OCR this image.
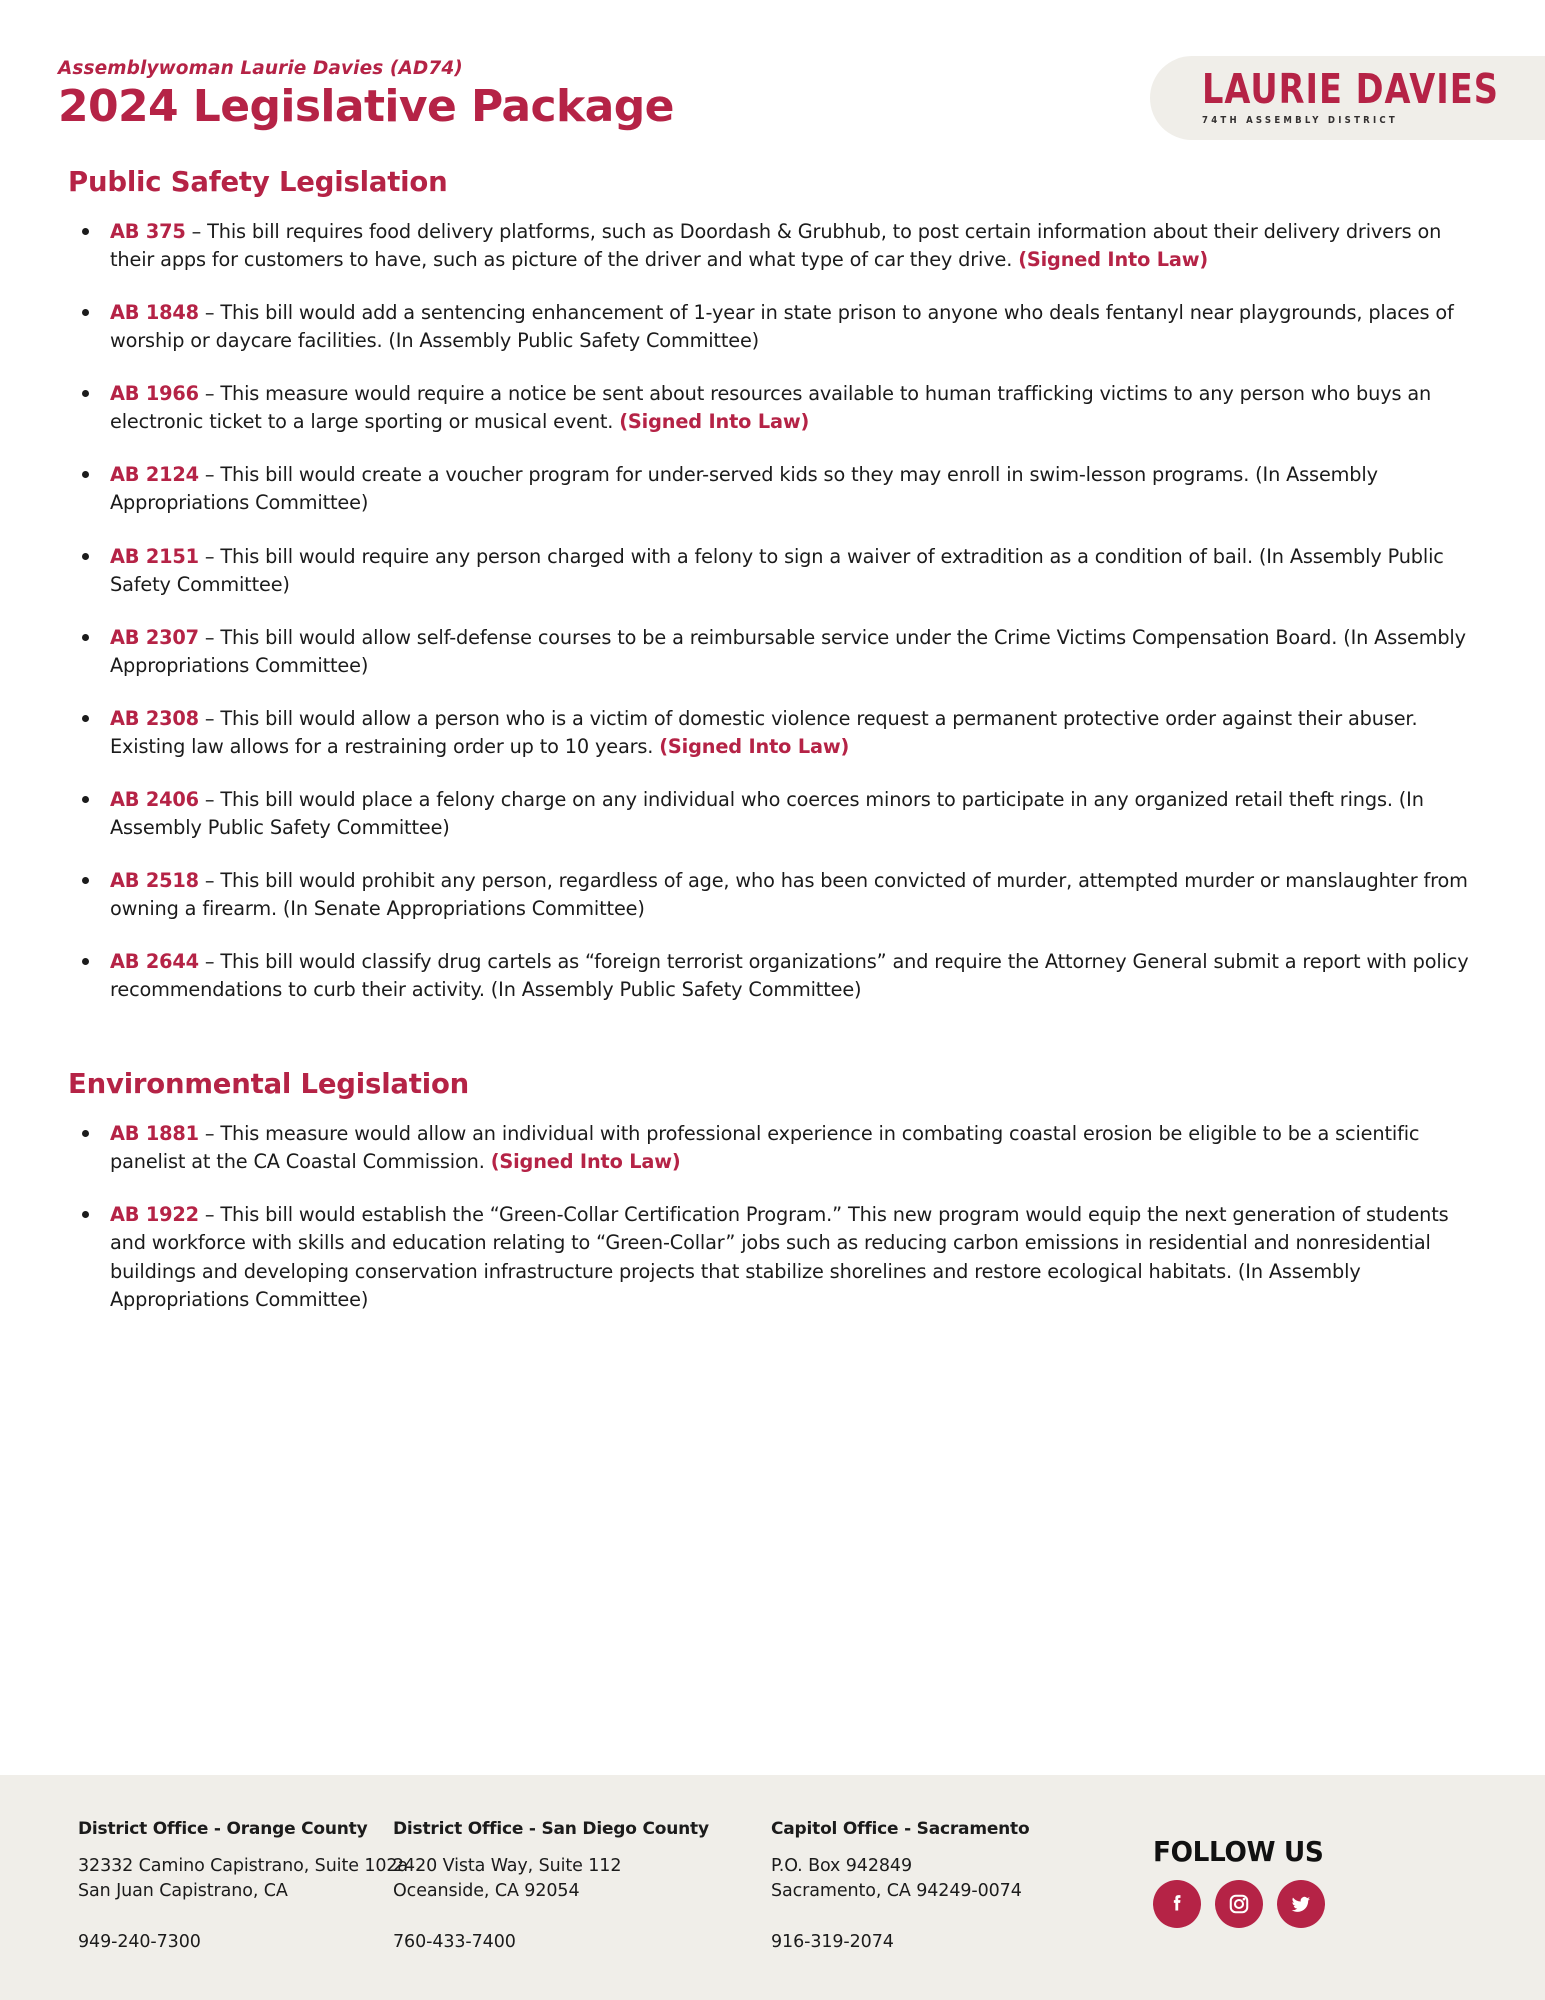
Assemblywoman Laurie Davies (AD74)
2024 Legislative Package	LAURIE DAVIES
74TH ASSEMBLY DISTRICT
Public Safety Legislation
AB 375 – This bill requires food delivery platforms, such as Doordash & Grubhub, to post certain information about their delivery drivers on their apps for customers to have, such as picture of the driver and what type of car they drive. (Signed Into Law)
AB 1848 – This bill would add a sentencing enhancement of 1-year in state prison to anyone who deals fentanyl near playgrounds, places of worship or daycare facilities. (In Assembly Public Safety Committee)
AB 1966 – This measure would require a notice be sent about resources available to human trafficking victims to any person who buys an electronic ticket to a large sporting or musical event. (Signed Into Law)
AB 2124 – This bill would create a voucher program for under-served kids so they may enroll in swim-lesson programs. (In Assembly Appropriations Committee)
AB 2151 – This bill would require any person charged with a felony to sign a waiver of extradition as a condition of bail. (In Assembly Public Safety Committee)
AB 2307 – This bill would allow self-defense courses to be a reimbursable service under the Crime Victims Compensation Board. (In Assembly Appropriations Committee)
AB 2308 – This bill would allow a person who is a victim of domestic violence request a permanent protective order against their abuser. Existing law allows for a restraining order up to 10 years. (Signed Into Law)
AB 2406 – This bill would place a felony charge on any individual who coerces minors to participate in any organized retail theft rings. (In Assembly Public Safety Committee)
AB 2518 – This bill would prohibit any person, regardless of age, who has been convicted of murder, attempted murder or manslaughter from owning a firearm. (In Senate Appropriations Committee)
AB 2644 – This bill would classify drug cartels as “foreign terrorist organizations” and require the Attorney General submit a report with policy recommendations to curb their activity. (In Assembly Public Safety Committee)
Environmental Legislation
AB 1881 – This measure would allow an individual with professional experience in combating coastal erosion be eligible to be a scientific panelist at the CA Coastal Commission. (Signed Into Law)
AB 1922 – This bill would establish the “Green-Collar Certification Program.” This new program would equip the next generation of students and workforce with skills and education relating to “Green-Collar” jobs such as reducing carbon emissions in residential and nonresidential buildings and developing conservation infrastructure projects that stabilize shorelines and restore ecological habitats. (In Assembly Appropriations Committee)
District Office - Orange County
32332 Camino Capistrano, Suite 102a
San Juan Capistrano, CA
949-240-7300
District Office - San Diego County
2420 Vista Way, Suite 112
Oceanside, CA 92054
760-433-7400
Capitol Office - Sacramento
P.O. Box 942849
Sacramento, CA 94249-0074
916-319-2074
FOLLOW US
